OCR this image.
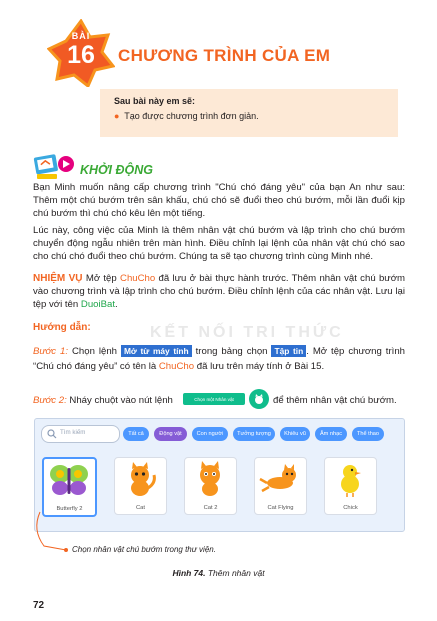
BÀI
16	CHƯƠNG TRÌNH CỦA EM
Sau bài này em sẽ:
● Tạo được chương trình đơn giản.
KHỞI ĐỘNG
Bạn Minh muốn nâng cấp chương trình "Chú chó đáng yêu" của bạn An như sau: Thêm một chú bướm trên sân khấu, chú chó sẽ đuổi theo chú bướm, mỗi lần đuổi kịp chú bướm thì chú chó kêu lên một tiếng.
Lúc này, công việc của Minh là thêm nhân vật chú bướm và lập trình cho chú bướm chuyển động ngẫu nhiên trên màn hình. Điều chỉnh lại lệnh của nhân vật chú chó sao cho chú chó đuổi theo chú bướm. Chúng ta sẽ tạo chương trình cùng Minh nhé.
NHIỆM VỤ Mở tệp ChuCho đã lưu ở bài thực hành trước. Thêm nhân vật chú bướm vào chương trình và lập trình cho chú bướm. Điều chỉnh lệnh của các nhân vật. Lưu lại tệp với tên DuoiBat.
KẾT NỐI TRI THỨC
Hướng dẫn:
Bước 1: Chọn lệnh Mở từ máy tính trong bảng chọn Tập tin . Mở tệp chương trình “Chú chó đáng yêu” có tên là ChuCho đã lưu trên máy tính ở Bài 15.
Bước 2: Nháy chuột vào nút lệnh	Chọn một Nhân vật	để thêm nhân vật chú bướm.
Tìm kiếm	Tất cả	Động vật	Con người	Tưởng tượng	Khiêu vũ	Âm nhạc	Thể thao
Butterfly 2	Cat	Cat 2	Cat Flying	Chick
Chọn nhân vật chú bướm trong thư viện.
Hình 74. Thêm nhân vật
72
